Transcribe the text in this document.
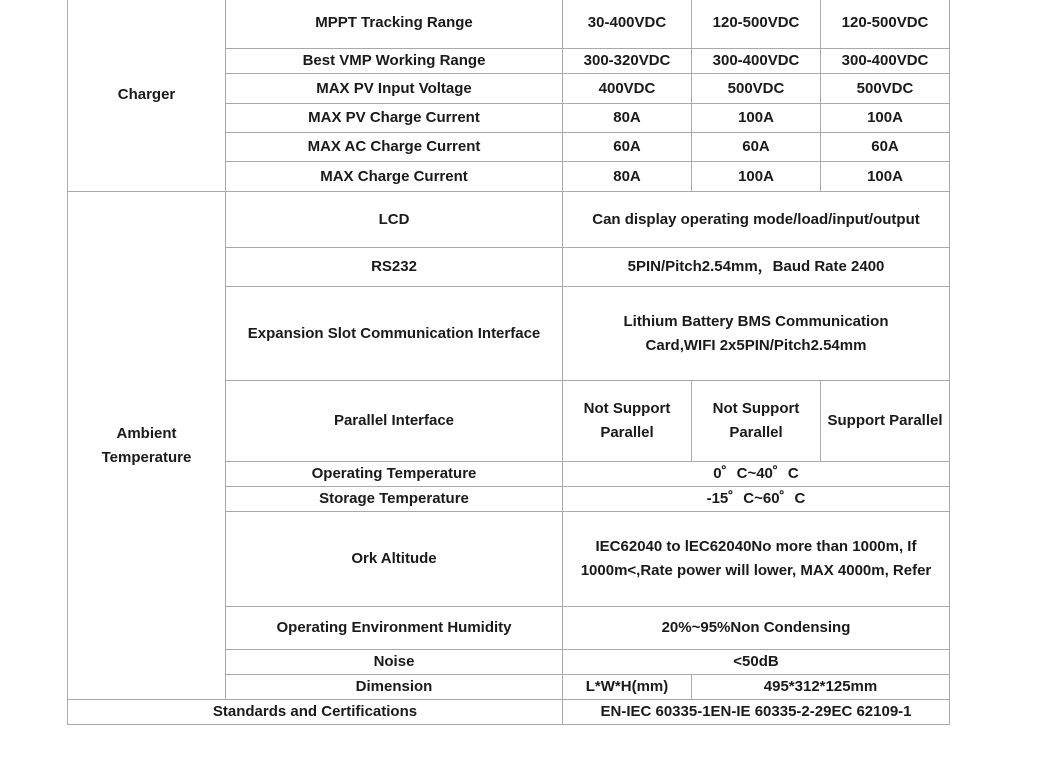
Charger	MPPT Tracking Range	30-400VDC	120-500VDC	120-500VDC
	Best VMP Working Range	300-320VDC	300-400VDC	300-400VDC
	MAX PV Input Voltage	400VDC	500VDC	500VDC
	MAX PV Charge Current	80A	100A	100A
	MAX AC Charge Current	60A	60A	60A
	MAX Charge Current	80A	100A	100A
Ambient Temperature	LCD	Can display operating mode/load/input/output		
	RS232	5PIN/Pitch2.54mm，Baud Rate 2400		
	Expansion Slot Communication Interface	Lithium Battery BMS Communication Card,WIFI 2x5PIN/Pitch2.54mm		
	Parallel Interface	Not Support Parallel	Not Support Parallel	Support Parallel
	Operating Temperature	0゜C~40゜C		
	Storage Temperature	-15゜C~60゜C		
	Ork Altitude	IEC62040 to lEC62040No more than 1000m, If 1000m<,Rate power will lower, MAX 4000m, Refer		
	Operating Environment Humidity	20%~95%Non Condensing		
	Noise	<50dB		
	Dimension	L*W*H(mm)	495*312*125mm	
Standards and Certifications		EN-IEC 60335-1EN-IE 60335-2-29EC 62109-1		
